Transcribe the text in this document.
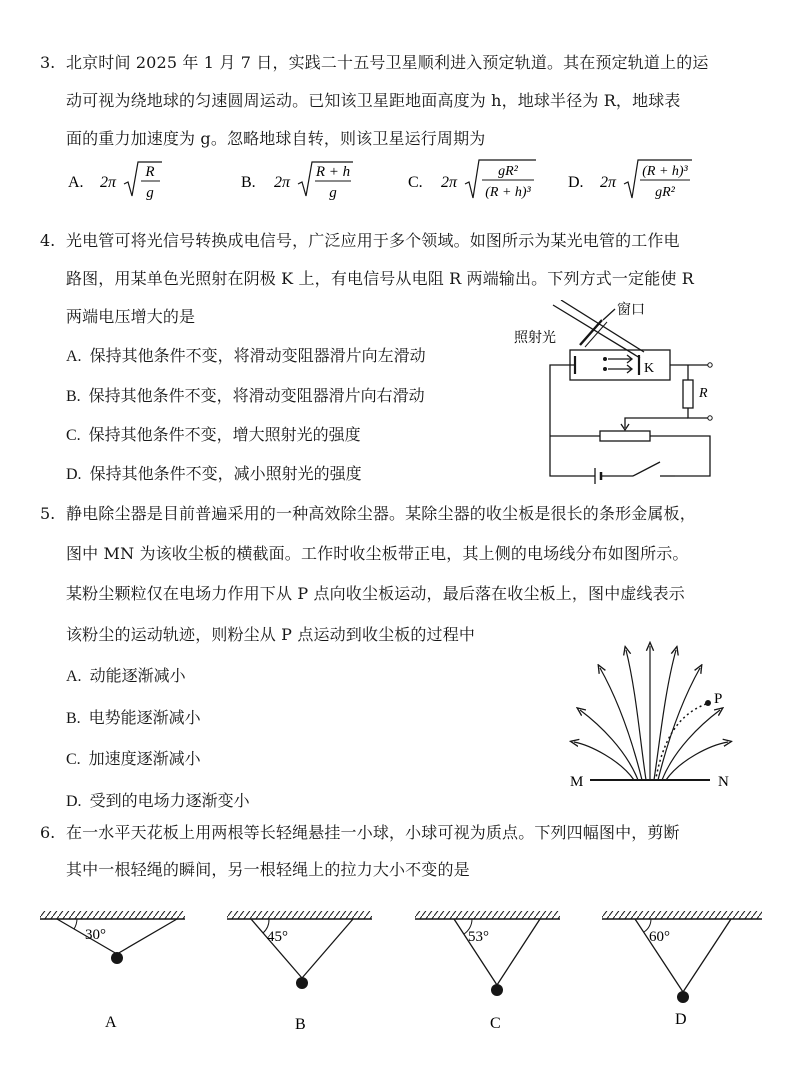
3. 北京时间 2025 年 1 月 7 日，实践二十五号卫星顺利进入预定轨道。其在预定轨道上的运
动可视为绕地球的匀速圆周运动。已知该卫星距地面高度为 h，地球半径为 R，地球表
面的重力加速度为 g。忽略地球自转，则该卫星运行周期为
A. 2π
R
g
B. 2π
R + h
g
C. 2π
gR²
(R + h)³
D. 2π
(R + h)³
gR²
4. 光电管可将光信号转换成电信号，广泛应用于多个领域。如图所示为某光电管的工作电
路图，用某单色光照射在阴极 K 上，有电信号从电阻 R 两端输出。下列方式一定能使 R
两端电压增大的是
A. 保持其他条件不变，将滑动变阻器滑片向左滑动
B. 保持其他条件不变，将滑动变阻器滑片向右滑动
C. 保持其他条件不变，增大照射光的强度
D. 保持其他条件不变，减小照射光的强度
窗口
照射光
K
R
5. 静电除尘器是目前普遍采用的一种高效除尘器。某除尘器的收尘板是很长的条形金属板，
图中 MN 为该收尘板的横截面。工作时收尘板带正电，其上侧的电场线分布如图所示。
某粉尘颗粒仅在电场力作用下从 P 点向收尘板运动，最后落在收尘板上，图中虚线表示
该粉尘的运动轨迹，则粉尘从 P 点运动到收尘板的过程中
A. 动能逐渐减小
B. 电势能逐渐减小
C. 加速度逐渐减小
D. 受到的电场力逐渐变小
P
M	N
6. 在一水平天花板上用两根等长轻绳悬挂一小球，小球可视为质点。下列四幅图中，剪断
其中一根轻绳的瞬间，另一根轻绳上的拉力大小不变的是
30°
A
45°
B
53°
C
60°
D
